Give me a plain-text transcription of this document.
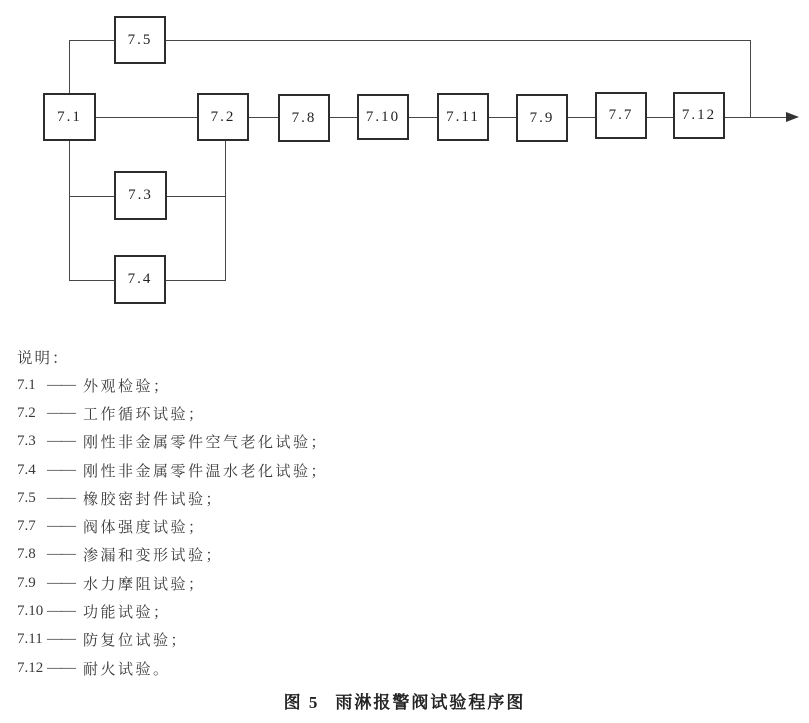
7.5
7.1	7.2	7.8	7.10	7.11	7.9	7.7	7.12
7.3
7.4
说明：
7.1 —— 外观检验；
7.2 —— 工作循环试验；
7.3 —— 刚性非金属零件空气老化试验；
7.4 —— 刚性非金属零件温水老化试验；
7.5 —— 橡胶密封件试验；
7.7 —— 阀体强度试验；
7.8 —— 渗漏和变形试验；
7.9 —— 水力摩阻试验；
7.10 —— 功能试验；
7.11 —— 防复位试验；
7.12 —— 耐火试验。
图 5 雨淋报警阀试验程序图
